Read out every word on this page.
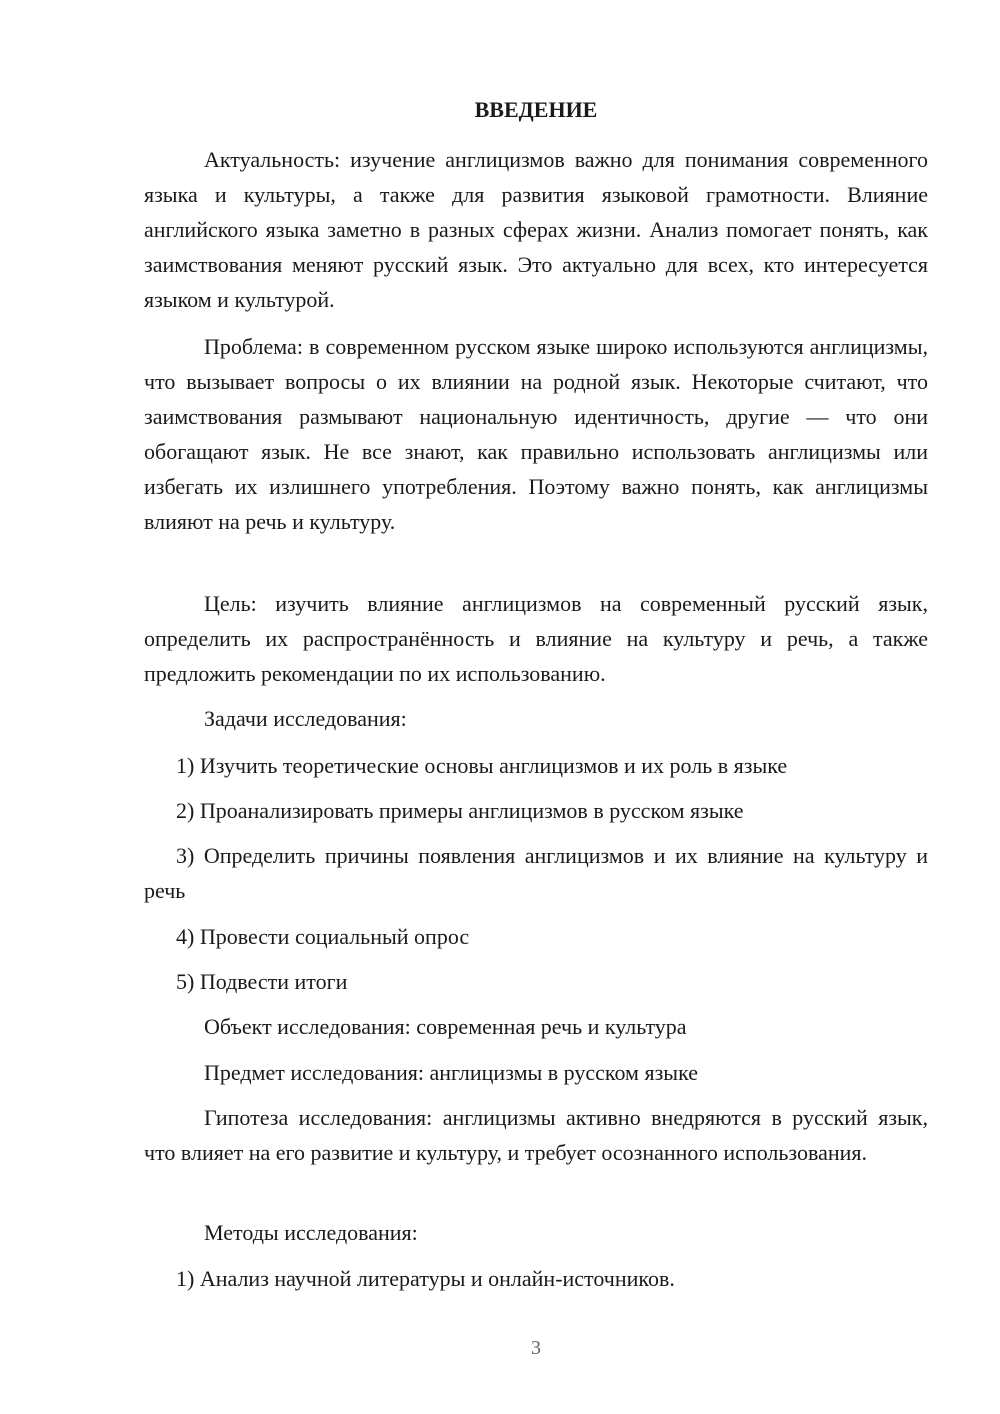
ВВЕДЕНИЕ

Актуальность: изучение англицизмов важно для понимания современного языка и культуры, а также для развития языковой грамотности. Влияние английского языка заметно в разных сферах жизни. Анализ помогает понять, как заимствования меняют русский язык. Это актуально для всех, кто интересуется языком и культурой.

Проблема: в современном русском языке широко используются англицизмы, что вызывает вопросы о их влиянии на родной язык. Некоторые считают, что заимствования размывают национальную идентичность, другие — что они обогащают язык. Не все знают, как правильно использовать англицизмы или избегать их излишнего употребления. Поэтому важно понять, как англицизмы влияют на речь и культуру.

Цель: изучить влияние англицизмов на современный русский язык, определить их распространённость и влияние на культуру и речь, а также предложить рекомендации по их использованию.

Задачи исследования:

1) Изучить теоретические основы англицизмов и их роль в языке

2) Проанализировать примеры англицизмов в русском языке

3) Определить причины появления англицизмов и их влияние на культуру и речь

4) Провести социальный опрос

5) Подвести итоги

Объект исследования: современная речь и культура

Предмет исследования: англицизмы в русском языке

Гипотеза исследования: англицизмы активно внедряются в русский язык, что влияет на его развитие и культуру, и требует осознанного использования.

Методы исследования:

1) Анализ научной литературы и онлайн-источников.

3
